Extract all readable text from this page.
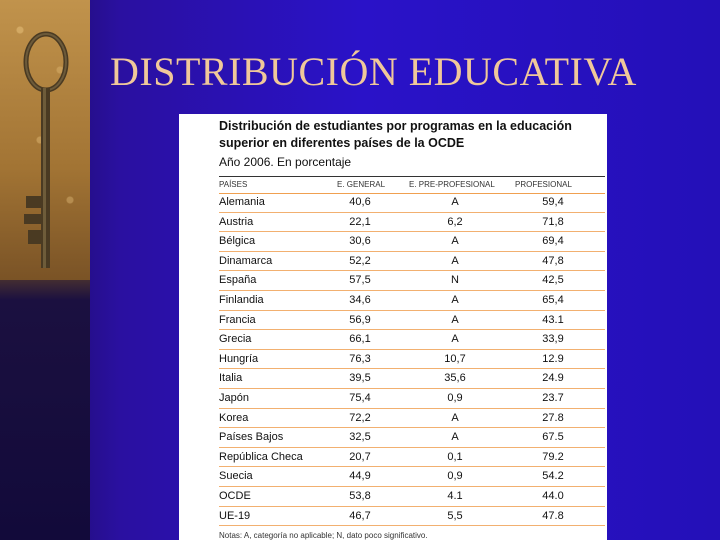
DISTRIBUCIÓN EDUCATIVA
Distribución de estudiantes por programas en la educación superior en diferentes países de la OCDE
Año 2006. En porcentaje
PAÍSES	E. GENERAL	E. PRE-PROFESIONAL	PROFESIONAL
Alemania	40,6	A	59,4
Austria	22,1	6,2	71,8
Bélgica	30,6	A	69,4
Dinamarca	52,2	A	47,8
España	57,5	N	42,5
Finlandia	34,6	A	65,4
Francia	56,9	A	43.1
Grecia	66,1	A	33,9
Hungría	76,3	10,7	12.9
Italia	39,5	35,6	24.9
Japón	75,4	0,9	23.7
Korea	72,2	A	27.8
Países Bajos	32,5	A	67.5
República Checa	20,7	0,1	79.2
Suecia	44,9	0,9	54.2
OCDE	53,8	4.1	44.0
UE-19	46,7	5,5	47.8
Notas: A, categoría no aplicable; N, dato poco significativo.
